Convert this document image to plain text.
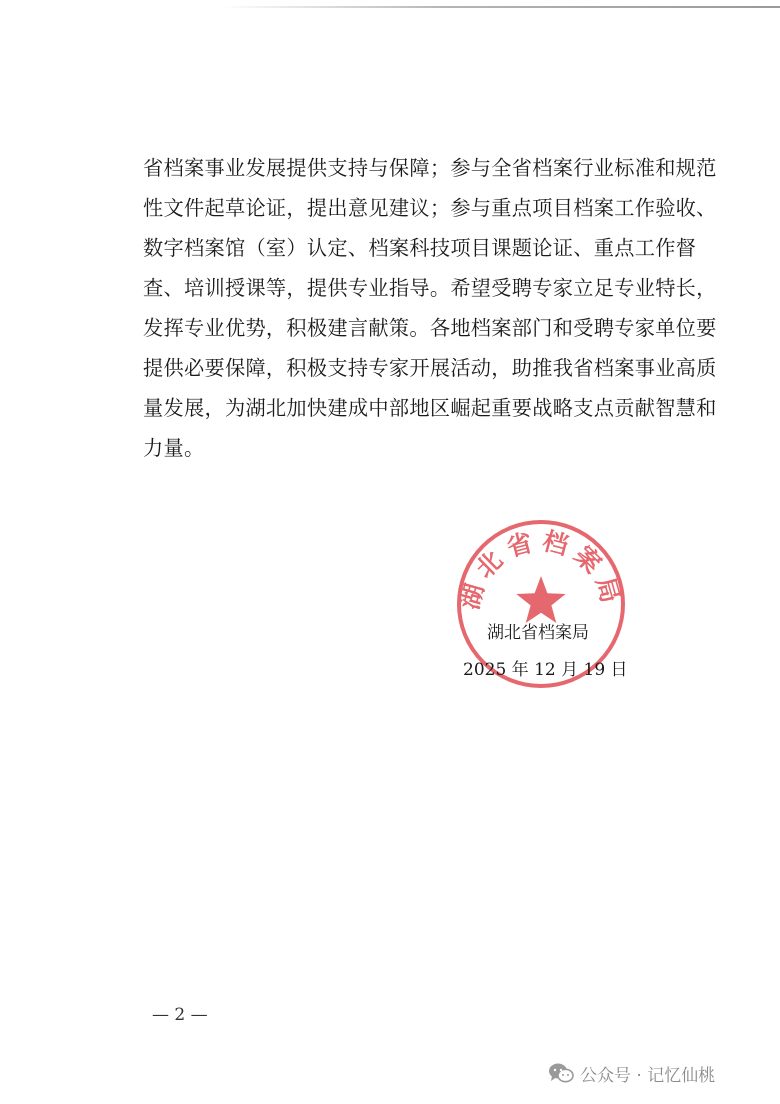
省档案事业发展提供支持与保障；参与全省档案行业标准和规范
性文件起草论证，提出意见建议；参与重点项目档案工作验收、
数字档案馆（室）认定、档案科技项目课题论证、重点工作督
查、培训授课等，提供专业指导。希望受聘专家立足专业特长，
发挥专业优势，积极建言献策。各地档案部门和受聘专家单位要
提供必要保障，积极支持专家开展活动，助推我省档案事业高质
量发展，为湖北加快建成中部地区崛起重要战略支点贡献智慧和
力量。
湖北省档案局
湖北省档案局
2025 年 12 月 19 日
— 2 —
公众号 · 记忆仙桃
